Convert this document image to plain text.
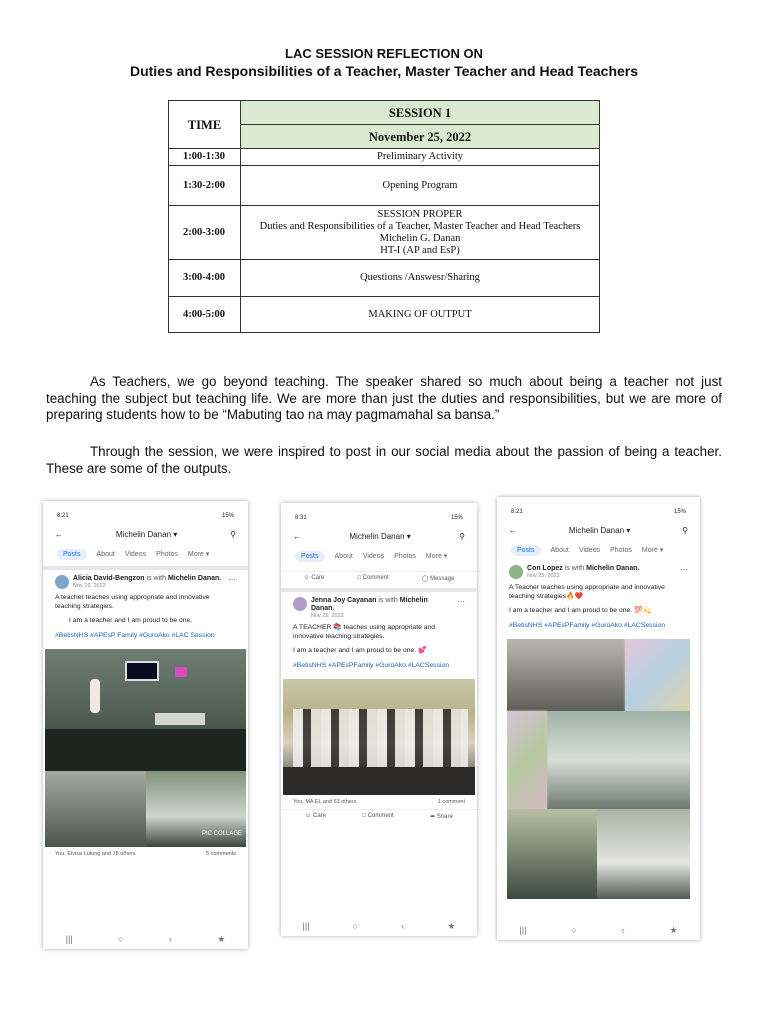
LAC SESSION REFLECTION ON
Duties and Responsibilities of a Teacher, Master Teacher and Head Teachers
TIME	SESSION 1
	November 25, 2022
1:00-1:30	Preliminary Activity
1:30-2:00	Opening Program
2:00-3:00	SESSION PROPER
Duties and Responsibilities of a Teacher, Master Teacher and Head Teachers
Michelin G. Danan
HT-I (AP and EsP)

3:00-4:00	Questions /Answesr/Sharing
4:00-5:00	MAKING OF OUTPUT
As Teachers, we go beyond teaching. The speaker shared so much about being a teacher not just teaching the subject but teaching life. We are more than just the duties and responsibilities, but we are more of preparing students how to be “Mabuting tao na may pagmamahal sa bansa.”
Through the session, we were inspired to post in our social media about the passion of being a teacher. These are some of the outputs.
8:21	15%
←	Michelin Danan ▾	⚲
Posts	About Videos Photos More ▾
Alicia David-Bengzon is with Michelin Danan.
Nov 26, 2022
⋯

A teacher teaches using appropriate and innovative teaching strategies.

I am a teacher and I am proud to be one.

#BetisNHS #APEsP Family #GuroAko #LAC Session

PIC COLLAGE
You, Elvisa Lutung and 78 others	5 comments
|||	○	‹	★
8:31	15%
←	Michelin Danan ▾	⚲
Posts	About Videos Photos More ▾
☺ Care	□ Comment	◯ Message
Jenna Joy Cayanan is with Michelin Danan.
Nov 25, 2022
⋯

A TEACHER 📚 teaches using appropriate and innovative teaching strategies.

I am a teacher and I am proud to be one. 💕

#BetisNHS #APEsPFamily #GuroAko #LACSession

You, MA EL and 63 others	1 comment
☺ Care	□ Comment	➦ Share
|||	○	‹	★
8:21	15%
←	Michelin Danan ▾	⚲
Posts	About Videos Photos More ▾
Con Lopez is with Michelin Danan.
Nov 25, 2022
⋯

A Teacher teaches using appropriate and innovative teaching strategies🔥❤️

I am a teacher and I am proud to be one. 💯💫

#BetisNHS #APEsPFamily #GuroAko #LACSession

|||	○	‹	★
